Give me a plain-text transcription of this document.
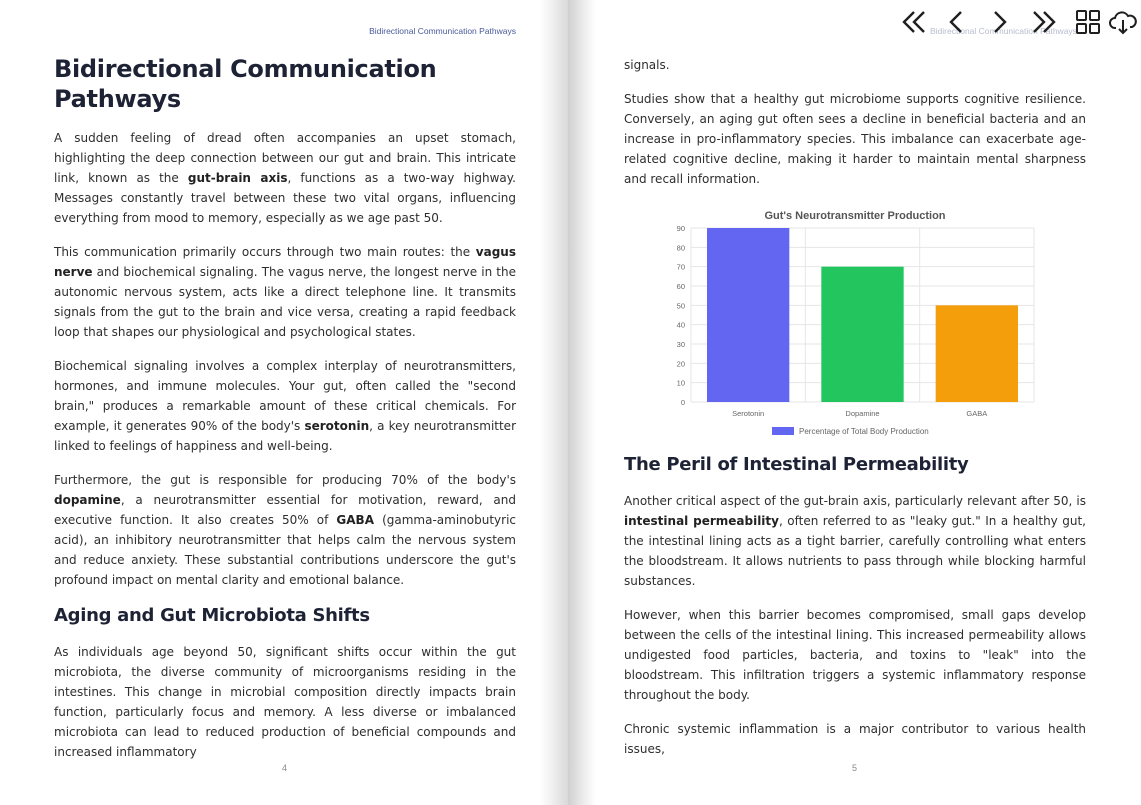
Bidirectional Communication Pathways
Bidirectional Communication Pathways

A sudden feeling of dread often accompanies an upset stomach, highlighting the deep connection between our gut and brain. This intricate link, known as the gut-brain axis, functions as a two-way highway. Messages constantly travel between these two vital organs, influencing everything from mood to memory, especially as we age past 50.

This communication primarily occurs through two main routes: the vagus nerve and biochemical signaling. The vagus nerve, the longest nerve in the autonomic nervous system, acts like a direct telephone line. It transmits signals from the gut to the brain and vice versa, creating a rapid feedback loop that shapes our physiological and psychological states.

Biochemical signaling involves a complex interplay of neurotransmitters, hormones, and immune molecules. Your gut, often called the "second brain," produces a remarkable amount of these critical chemicals. For example, it generates 90% of the body's serotonin, a key neurotransmitter linked to feelings of happiness and well-being.

Furthermore, the gut is responsible for producing 70% of the body's dopamine, a neurotransmitter essential for motivation, reward, and executive function. It also creates 50% of GABA (gamma-aminobutyric acid), an inhibitory neurotransmitter that helps calm the nervous system and reduce anxiety. These substantial contributions underscore the gut's profound impact on mental clarity and emotional balance.

Aging and Gut Microbiota Shifts

As individuals age beyond 50, significant shifts occur within the gut microbiota, the diverse community of microorganisms residing in the intestines. This change in microbial composition directly impacts brain function, particularly focus and memory. A less diverse or imbalanced microbiota can lead to reduced production of beneficial compounds and increased inflammatory

4
Bidirectional Communication Pathways

signals.

Studies show that a healthy gut microbiome supports cognitive resilience. Conversely, an aging gut often sees a decline in beneficial bacteria and an increase in pro-inflammatory species. This imbalance can exacerbate age-related cognitive decline, making it harder to maintain mental sharpness and recall information.

Gut's Neurotransmitter Production
0
10
20
30
40
50
60
70
80
90
Serotonin	Dopamine	GABA
Percentage of Total Body Production
The Peril of Intestinal Permeability

Another critical aspect of the gut-brain axis, particularly relevant after 50, is intestinal permeability, often referred to as "leaky gut." In a healthy gut, the intestinal lining acts as a tight barrier, carefully controlling what enters the bloodstream. It allows nutrients to pass through while blocking harmful substances.

However, when this barrier becomes compromised, small gaps develop between the cells of the intestinal lining. This increased permeability allows undigested food particles, bacteria, and toxins to "leak" into the bloodstream. This infiltration triggers a systemic inflammatory response throughout the body.

Chronic systemic inflammation is a major contributor to various health issues,

5
